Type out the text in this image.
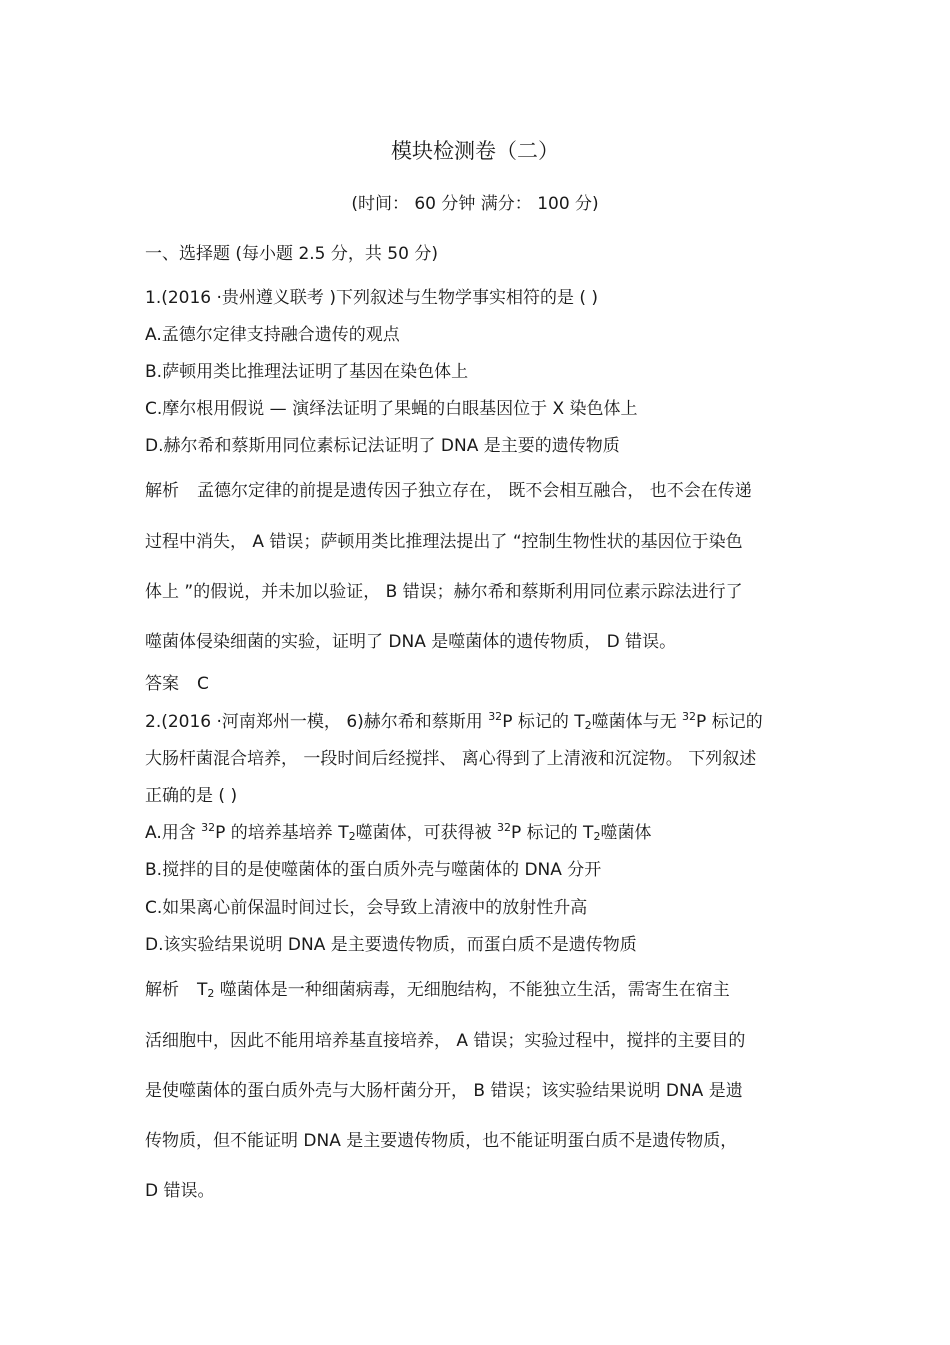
模块检测卷（二）
(时间： 60 分钟 满分： 100 分)
一、选择题 (每小题 2.5 分，共 50 分)
1.(2016 ·贵州遵义联考 )下列叙述与生物学事实相符的是 ( )
A.孟德尔定律支持融合遗传的观点
B.萨顿用类比推理法证明了基因在染色体上
C.摩尔根用假说 — 演绎法证明了果蝇的白眼基因位于 X 染色体上
D.赫尔希和蔡斯用同位素标记法证明了 DNA 是主要的遗传物质
解析 孟德尔定律的前提是遗传因子独立存在， 既不会相互融合， 也不会在传递
过程中消失， A 错误；萨顿用类比推理法提出了 “控制生物性状的基因位于染色
体上 ”的假说，并未加以验证， B 错误；赫尔希和蔡斯利用同位素示踪法进行了
噬菌体侵染细菌的实验，证明了 DNA 是噬菌体的遗传物质， D 错误。
答案 C
2.(2016 ·河南郑州一模， 6)赫尔希和蔡斯用 $^{32}$P 标记的 $T_2$噬菌体与无 $^{32}$P 标记的
大肠杆菌混合培养， 一段时间后经搅拌、 离心得到了上清液和沉淀物。 下列叙述
正确的是 ( )
A.用含 $^{32}$P 的培养基培养 $T_2$噬菌体，可获得被 $^{32}$P 标记的 $T_2$噬菌体
B.搅拌的目的是使噬菌体的蛋白质外壳与噬菌体的 DNA 分开
C.如果离心前保温时间过长，会导致上清液中的放射性升高
D.该实验结果说明 DNA 是主要遗传物质，而蛋白质不是遗传物质
解析 $T_2$ 噬菌体是一种细菌病毒，无细胞结构，不能独立生活，需寄生在宿主
活细胞中，因此不能用培养基直接培养， A 错误；实验过程中，搅拌的主要目的
是使噬菌体的蛋白质外壳与大肠杆菌分开， B 错误；该实验结果说明 DNA 是遗
传物质，但不能证明 DNA 是主要遗传物质，也不能证明蛋白质不是遗传物质，
D 错误。
